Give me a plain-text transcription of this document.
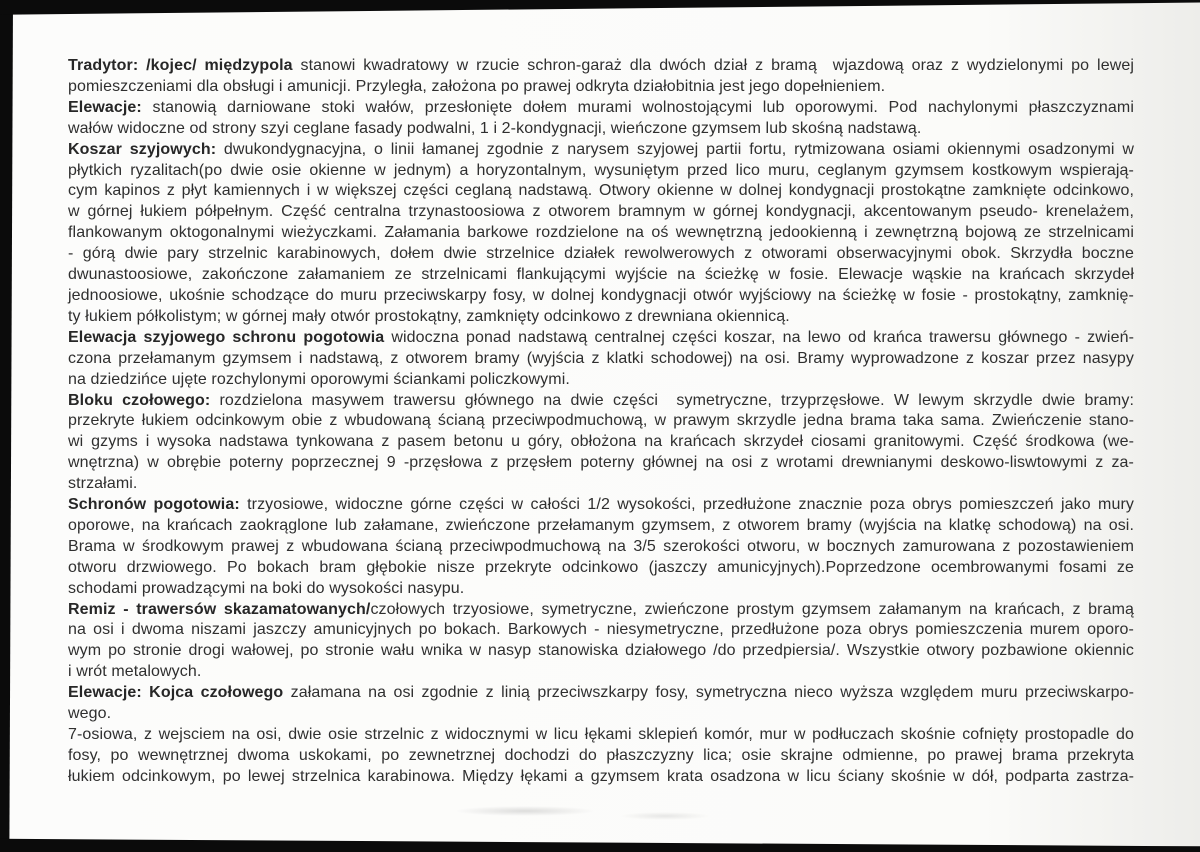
Tradytor: /kojec/ międzypola stanowi kwadratowy w rzucie schron-garaż dla dwóch dział z bramą  wjazdową oraz z wydzielonymi po lewej
pomieszczeniami dla obsługi i amunicji. Przyległa, założona po prawej odkryta działobitnia jest jego dopełnieniem.
Elewacje: stanowią darniowane stoki wałów, przesłonięte dołem murami wolnostojącymi lub oporowymi. Pod nachylonymi płaszczyznami
wałów widoczne od strony szyi ceglane fasady podwalni, 1 i 2-kondygnacji, wieńczone gzymsem lub skośną nadstawą.
Koszar szyjowych: dwukondygnacyjna, o linii łamanej zgodnie z narysem szyjowej partii fortu, rytmizowana osiami okiennymi osadzonymi w
płytkich ryzalitach(po dwie osie okienne w jednym) a horyzontalnym, wysuniętym przed lico muru, ceglanym gzymsem kostkowym wspierają-
cym kapinos z płyt kamiennych i w większej części ceglaną nadstawą. Otwory okienne w dolnej kondygnacji prostokątne zamknięte odcinkowo,
w górnej łukiem półpełnym. Część centralna trzynastoosiowa z otworem bramnym w górnej kondygnacji, akcentowanym pseudo- krenelażem,
flankowanym oktogonalnymi wieżyczkami. Załamania barkowe rozdzielone na oś wewnętrzną jedookienną i zewnętrzną bojową ze strzelnicami
- górą dwie pary strzelnic karabinowych, dołem dwie strzelnice działek rewolwerowych z otworami obserwacyjnymi obok. Skrzydła boczne
dwunastoosiowe, zakończone załamaniem ze strzelnicami flankującymi wyjście na ścieżkę w fosie. Elewacje wąskie na krańcach skrzydeł
jednoosiowe, ukośnie schodzące do muru przeciwskarpy fosy, w dolnej kondygnacji otwór wyjściowy na ścieżkę w fosie - prostokątny, zamknię-
ty łukiem półkolistym; w górnej mały otwór prostokątny, zamknięty odcinkowo z drewniana okiennicą.
Elewacja szyjowego schronu pogotowia widoczna ponad nadstawą centralnej części koszar, na lewo od krańca trawersu głównego - zwień-
czona przełamanym gzymsem i nadstawą, z otworem bramy (wyjścia z klatki schodowej) na osi. Bramy wyprowadzone z koszar przez nasypy
na dziedzińce ujęte rozchylonymi oporowymi ściankami policzkowymi.
Bloku czołowego: rozdzielona masywem trawersu głównego na dwie części  symetryczne, trzyprzęsłowe. W lewym skrzydle dwie bramy:
przekryte łukiem odcinkowym obie z wbudowaną ścianą przeciwpodmuchową, w prawym skrzydle jedna brama taka sama. Zwieńczenie stano-
wi gzyms i wysoka nadstawa tynkowana z pasem betonu u góry, obłożona na krańcach skrzydeł ciosami granitowymi. Część środkowa (we-
wnętrzna) w obrębie poterny poprzecznej 9 -przęsłowa z przęsłem poterny głównej na osi z wrotami drewnianymi deskowo-liswtowymi z za-
strzałami.
Schronów pogotowia: trzyosiowe, widoczne górne części w całości 1/2 wysokości, przedłużone znacznie poza obrys pomieszczeń jako mury
oporowe, na krańcach zaokrąglone lub załamane, zwieńczone przełamanym gzymsem, z otworem bramy (wyjścia na klatkę schodową) na osi.
Brama w środkowym prawej z wbudowana ścianą przeciwpodmuchową na 3/5 szerokości otworu, w bocznych zamurowana z pozostawieniem
otworu drzwiowego. Po bokach bram głębokie nisze przekryte odcinkowo (jaszczy amunicyjnych).Poprzedzone ocembrowanymi fosami ze
schodami prowadzącymi na boki do wysokości nasypu.
Remiz - trawersów skazamatowanych/czołowych trzyosiowe, symetryczne, zwieńczone prostym gzymsem załamanym na krańcach, z bramą
na osi i dwoma niszami jaszczy amunicyjnych po bokach. Barkowych - niesymetryczne, przedłużone poza obrys pomieszczenia murem oporo-
wym po stronie drogi wałowej, po stronie wału wnika w nasyp stanowiska działowego /do przedpiersia/. Wszystkie otwory pozbawione okiennic
i wrót metalowych.
Elewacje: Kojca czołowego załamana na osi zgodnie z linią przeciwszkarpy fosy, symetryczna nieco wyższa względem muru przeciwskarpo-
wego.
7-osiowa, z wejsciem na osi, dwie osie strzelnic z widocznymi w licu łękami sklepień komór, mur w podłuczach skośnie cofnięty prostopadle do
fosy, po wewnętrznej dwoma uskokami, po zewnetrznej dochodzi do płaszczyzny lica; osie skrajne odmienne, po prawej brama przekryta
łukiem odcinkowym, po lewej strzelnica karabinowa. Między łękami a gzymsem krata osadzona w licu ściany skośnie w dół, podparta zastrza-
